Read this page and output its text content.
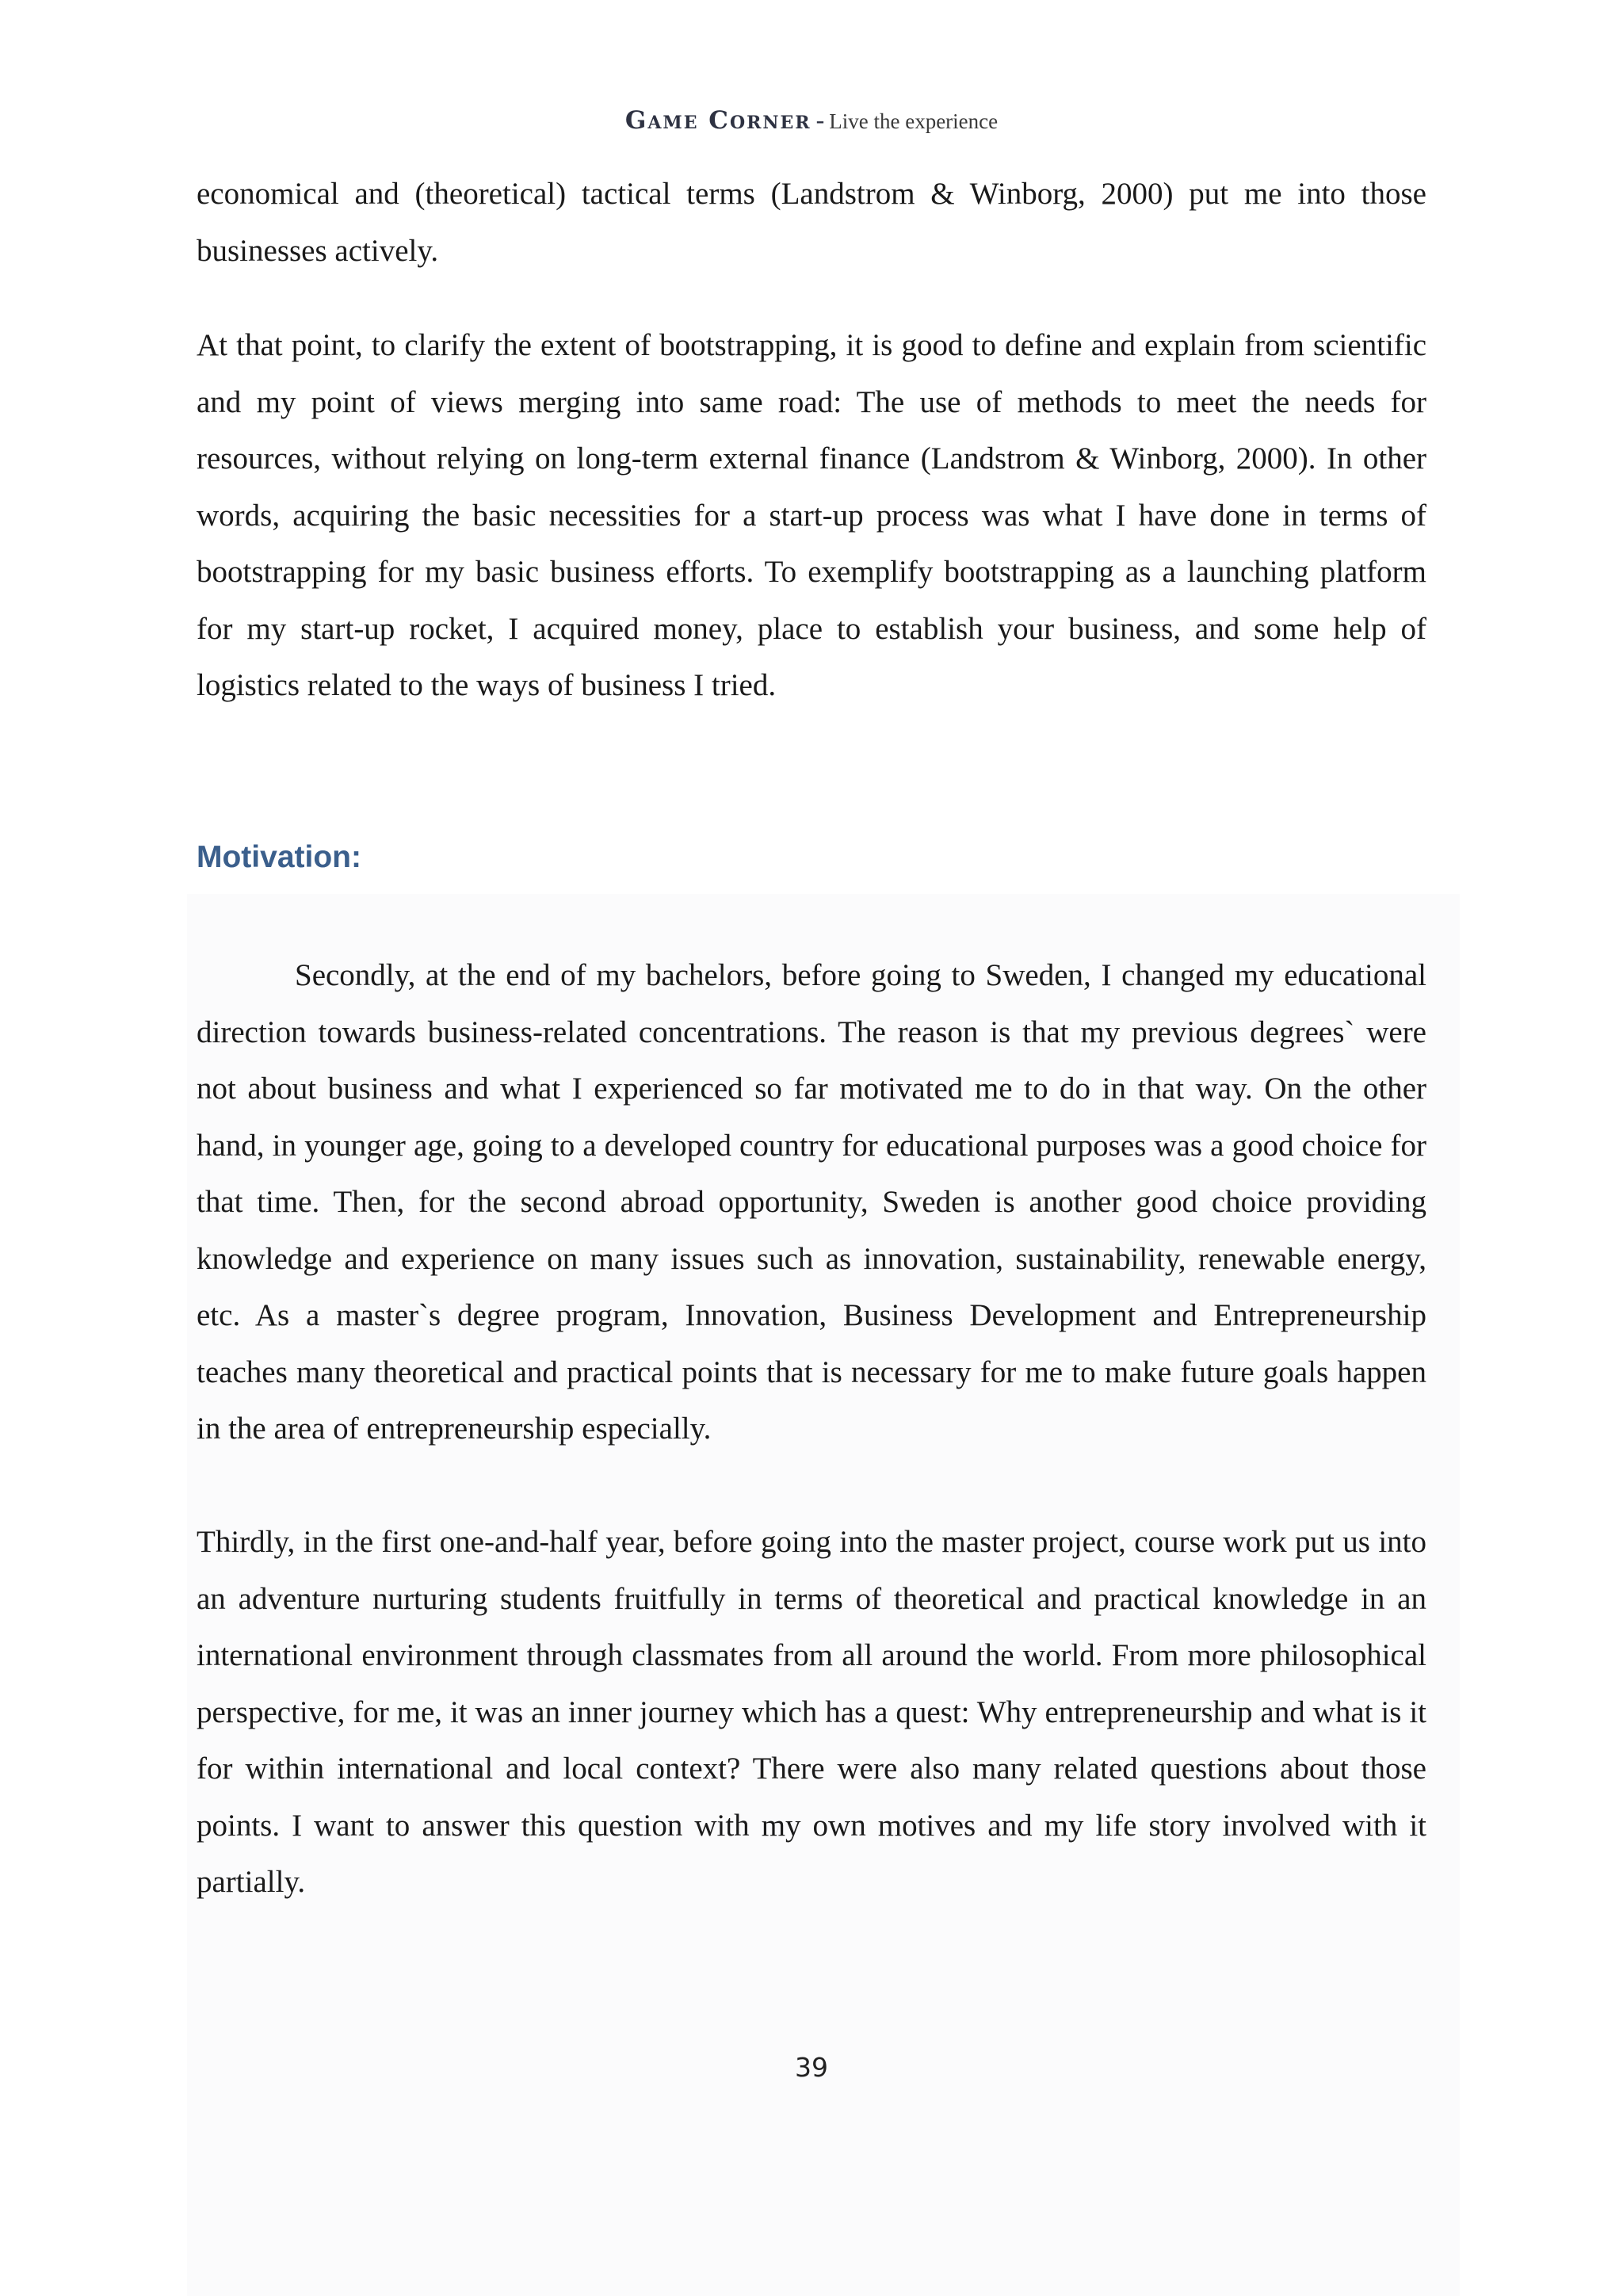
Game Corner - Live the experience

economical and (theoretical) tactical terms (Landstrom & Winborg, 2000) put me into those businesses actively.

At that point, to clarify the extent of bootstrapping, it is good to define and explain from scientific and my point of views merging into same road: The use of methods to meet the needs for resources, without relying on long-term external finance (Landstrom & Winborg, 2000). In other words, acquiring the basic necessities for a start-up process was what I have done in terms of bootstrapping for my basic business efforts. To exemplify bootstrapping as a launching platform for my start-up rocket, I acquired money, place to establish your business, and some help of logistics related to the ways of business I tried.

Motivation:

Secondly, at the end of my bachelors, before going to Sweden, I changed my educational direction towards business-related concentrations. The reason is that my previous degrees` were not about business and what I experienced so far motivated me to do in that way. On the other hand, in younger age, going to a developed country for educational purposes was a good choice for that time. Then, for the second abroad opportunity, Sweden is another good choice providing knowledge and experience on many issues such as innovation, sustainability, renewable energy, etc. As a master`s degree program, Innovation, Business Development and Entrepreneurship teaches many theoretical and practical points that is necessary for me to make future goals happen in the area of entrepreneurship especially.

Thirdly, in the first one-and-half year, before going into the master project, course work put us into an adventure nurturing students fruitfully in terms of theoretical and practical knowledge in an international environment through classmates from all around the world. From more philosophical perspective, for me, it was an inner journey which has a quest: Why entrepreneurship and what is it for within international and local context? There were also many related questions about those points. I want to answer this question with my own motives and my life story involved with it partially.

39
